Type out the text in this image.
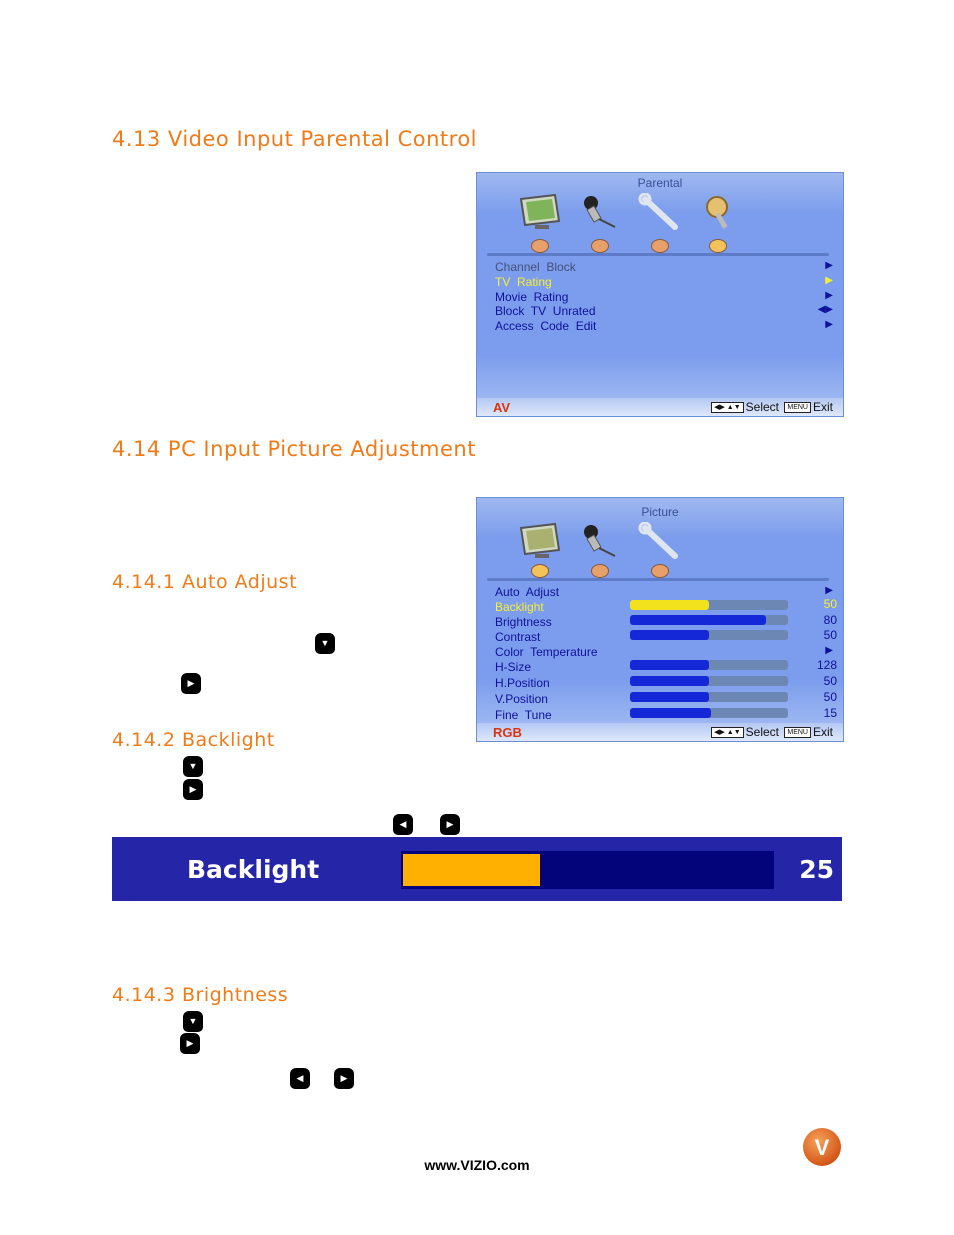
4.13 Video Input Parental Control
Parental
Channel  Block	▶
TV  Rating	▶
Movie  Rating	▶
Block  TV  Unrated	◀▶
Access  Code  Edit	▶
AV	◀▶ ▲▼ Select MENU Exit
4.14 PC Input Picture Adjustment
Picture
Auto  Adjust	▶
Backlight	50
Brightness	80
Contrast	50
Color  Temperature	▶
H-Size	128
H.Position	50
V.Position	50
Fine  Tune	15
RGB	◀▶ ▲▼ Select MENU Exit
4.14.1 Auto Adjust
▼
▶
4.14.2 Backlight
▼
▶
◀	▶
Backlight	25
4.14.3 Brightness
▼
▶
◀	▶
www.VIZIO.com
V
